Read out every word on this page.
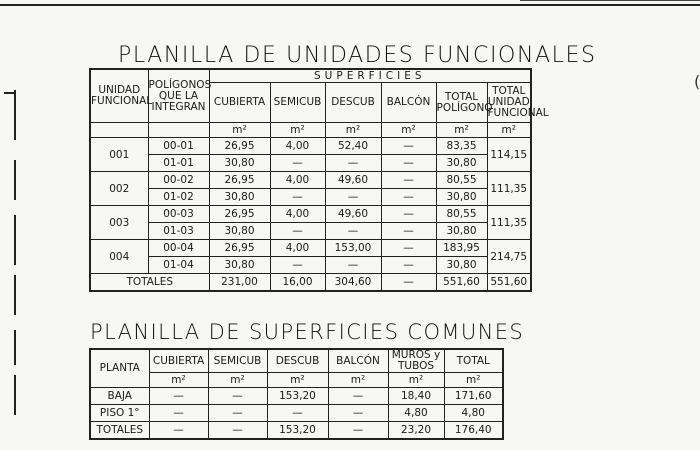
(
PLANILLA DE UNIDADES FUNCIONALES
UNIDAD FUNCIONAL	POLÍGONOS QUE LA INTEGRAN	SUPERFICIES					
		CUBIERTA	SEMICUB	DESCUB	BALCÓN	TOTAL POLÍGONO	TOTAL UNIDAD FUNCIONAL
		m²	m²	m²	m²	m²	m²
001	00-01	26,95	4,00	52,40	—	83,35	114,15
	01-01	30,80	—	—	—	30,80	
002	00-02	26,95	4,00	49,60	—	80,55	111,35
	01-02	30,80	—	—	—	30,80	
003	00-03	26,95	4,00	49,60	—	80,55	111,35
	01-03	30,80	—	—	—	30,80	
004	00-04	26,95	4,00	153,00	—	183,95	214,75
	01-04	30,80	—	—	—	30,80	
TOTALES		231,00	16,00	304,60	—	551,60	551,60
PLANILLA DE SUPERFICIES COMUNES
PLANTA	CUBIERTA	SEMICUB	DESCUB	BALCÓN	MUROS y TUBOS	TOTAL
	m²	m²	m²	m²	m²	m²
BAJA	—	—	153,20	—	18,40	171,60
PISO 1°	—	—	—	—	4,80	4,80
TOTALES	—	—	153,20	—	23,20	176,40
